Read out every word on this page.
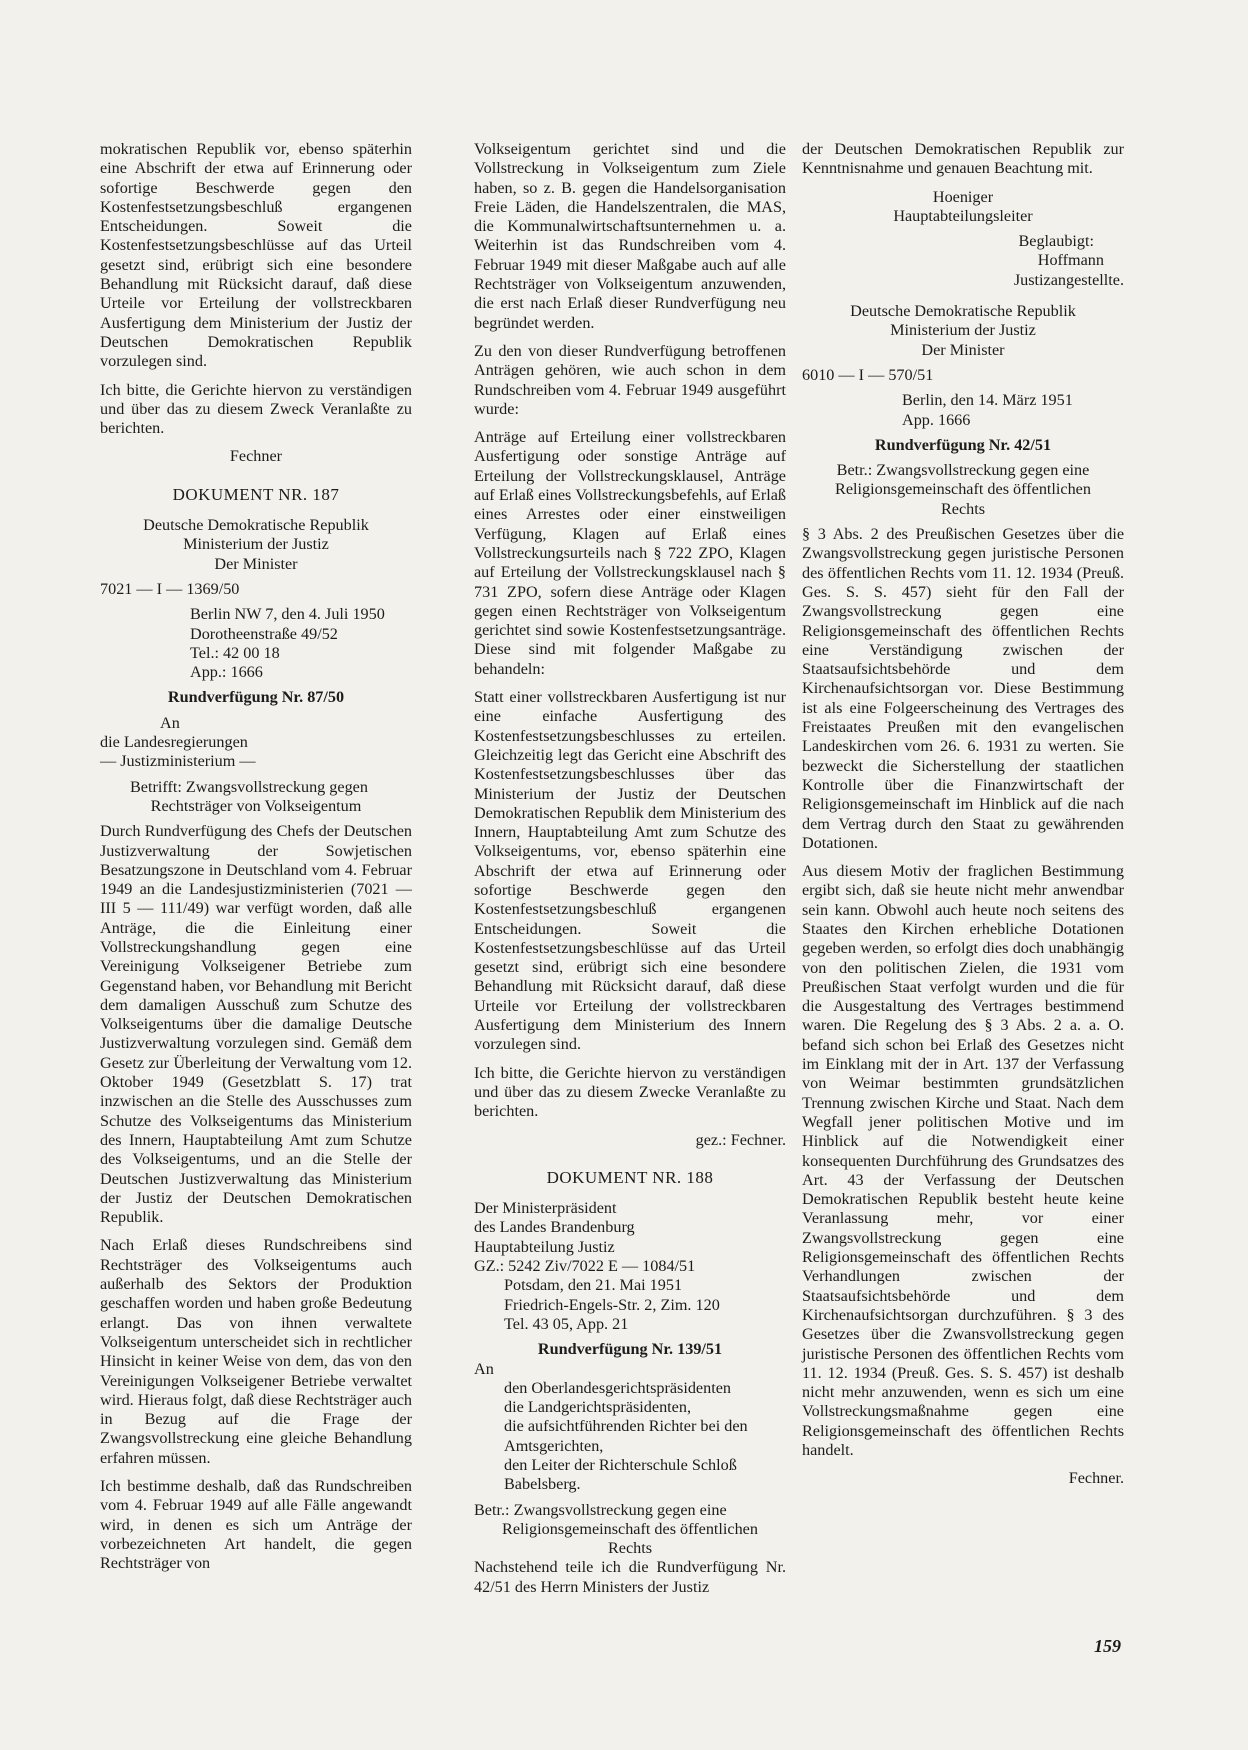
mokratischen Republik vor, ebenso späterhin eine Abschrift der etwa auf Erinnerung oder sofortige Beschwerde gegen den Kostenfestsetzungsbeschluß ergangenen Entscheidungen. Soweit die Kostenfestsetzungsbeschlüsse auf das Urteil gesetzt sind, erübrigt sich eine besondere Behandlung mit Rücksicht darauf, daß diese Urteile vor Erteilung der vollstreckbaren Ausfertigung dem Ministerium der Justiz der Deutschen Demokratischen Republik vorzulegen sind.

Ich bitte, die Gerichte hiervon zu verständigen und über das zu diesem Zweck Veranlaßte zu berichten.

Fechner
DOKUMENT NR. 187
Deutsche Demokratische Republik
Ministerium der Justiz
Der Minister
7021 — I — 1369/50
Berlin NW 7, den 4. Juli 1950
Dorotheenstraße 49/52
Tel.: 42 00 18
App.: 1666
Rundverfügung Nr. 87/50
An
die Landesregierungen
— Justizministerium —
Betrifft: Zwangsvollstreckung gegen
Rechtsträger von Volkseigentum

Durch Rundverfügung des Chefs der Deutschen Justizverwaltung der Sowjetischen Besatzungszone in Deutschland vom 4. Februar 1949 an die Landesjustizministerien (7021 — III 5 — 111/49) war verfügt worden, daß alle Anträge, die die Einleitung einer Vollstreckungshandlung gegen eine Vereinigung Volkseigener Betriebe zum Gegenstand haben, vor Behandlung mit Bericht dem damaligen Ausschuß zum Schutze des Volkseigentums über die damalige Deutsche Justizverwaltung vorzulegen sind. Gemäß dem Gesetz zur Überleitung der Verwaltung vom 12. Oktober 1949 (Gesetzblatt S. 17) trat inzwischen an die Stelle des Ausschusses zum Schutze des Volkseigentums das Ministerium des Innern, Hauptabteilung Amt zum Schutze des Volkseigentums, und an die Stelle der Deutschen Justizverwaltung das Ministerium der Justiz der Deutschen Demokratischen Republik.

Nach Erlaß dieses Rundschreibens sind Rechtsträger des Volkseigentums auch außerhalb des Sektors der Produktion geschaffen worden und haben große Bedeutung erlangt. Das von ihnen verwaltete Volkseigentum unterscheidet sich in rechtlicher Hinsicht in keiner Weise von dem, das von den Vereinigungen Volkseigener Betriebe verwaltet wird. Hieraus folgt, daß diese Rechtsträger auch in Bezug auf die Frage der Zwangsvollstreckung eine gleiche Behandlung erfahren müssen.

Ich bestimme deshalb, daß das Rundschreiben vom 4. Februar 1949 auf alle Fälle angewandt wird, in denen es sich um Anträge der vorbezeichneten Art handelt, die gegen Rechtsträger von

Volkseigentum gerichtet sind und die Vollstreckung in Volkseigentum zum Ziele haben, so z. B. gegen die Handelsorganisation Freie Läden, die Handelszentralen, die MAS, die Kommunalwirtschaftsunternehmen u. a. Weiterhin ist das Rundschreiben vom 4. Februar 1949 mit dieser Maßgabe auch auf alle Rechtsträger von Volkseigentum anzuwenden, die erst nach Erlaß dieser Rundverfügung neu begründet werden.

Zu den von dieser Rundverfügung betroffenen Anträgen gehören, wie auch schon in dem Rundschreiben vom 4. Februar 1949 ausgeführt wurde:

Anträge auf Erteilung einer vollstreckbaren Ausfertigung oder sonstige Anträge auf Erteilung der Vollstreckungsklausel, Anträge auf Erlaß eines Vollstreckungsbefehls, auf Erlaß eines Arrestes oder einer einstweiligen Verfügung, Klagen auf Erlaß eines Vollstreckungsurteils nach § 722 ZPO, Klagen auf Erteilung der Vollstreckungsklausel nach § 731 ZPO, sofern diese Anträge oder Klagen gegen einen Rechtsträger von Volkseigentum gerichtet sind sowie Kostenfestsetzungsanträge. Diese sind mit folgender Maßgabe zu behandeln:

Statt einer vollstreckbaren Ausfertigung ist nur eine einfache Ausfertigung des Kostenfestsetzungsbeschlusses zu erteilen. Gleichzeitig legt das Gericht eine Abschrift des Kostenfestsetzungsbeschlusses über das Ministerium der Justiz der Deutschen Demokratischen Republik dem Ministerium des Innern, Hauptabteilung Amt zum Schutze des Volkseigentums, vor, ebenso späterhin eine Abschrift der etwa auf Erinnerung oder sofortige Beschwerde gegen den Kostenfestsetzungsbeschluß ergangenen Entscheidungen. Soweit die Kostenfestsetzungsbeschlüsse auf das Urteil gesetzt sind, erübrigt sich eine besondere Behandlung mit Rücksicht darauf, daß diese Urteile vor Erteilung der vollstreckbaren Ausfertigung dem Ministerium des Innern vorzulegen sind.

Ich bitte, die Gerichte hiervon zu verständigen und über das zu diesem Zwecke Veranlaßte zu berichten.

gez.: Fechner.
DOKUMENT NR. 188
Der Ministerpräsident
des Landes Brandenburg
Hauptabteilung Justiz
GZ.: 5242 Ziv/7022 E — 1084/51
Potsdam, den 21. Mai 1951
Friedrich-Engels-Str. 2, Zim. 120
Tel. 43 05, App. 21
Rundverfügung Nr. 139/51
An
den Oberlandesgerichtspräsidenten
die Landgerichtspräsidenten,
die aufsichtführenden Richter bei den Amtsgerichten,
den Leiter der Richterschule Schloß Babelsberg.
Betr.: Zwangsvollstreckung gegen eine
Religionsgemeinschaft des öffentlichen
Rechts

Nachstehend teile ich die Rundverfügung Nr. 42/51 des Herrn Ministers der Justiz

der Deutschen Demokratischen Republik zur Kenntnisnahme und genauen Beachtung mit.

Hoeniger
Hauptabteilungsleiter
Beglaubigt:
Hoffmann
Justizangestellte.
Deutsche Demokratische Republik
Ministerium der Justiz
Der Minister
6010 — I — 570/51
Berlin, den 14. März 1951
App. 1666
Rundverfügung Nr. 42/51
Betr.: Zwangsvollstreckung gegen eine
Religionsgemeinschaft des öffentlichen
Rechts

§ 3 Abs. 2 des Preußischen Gesetzes über die Zwangsvollstreckung gegen juristische Personen des öffentlichen Rechts vom 11. 12. 1934 (Preuß. Ges. S. S. 457) sieht für den Fall der Zwangsvollstreckung gegen eine Religionsgemeinschaft des öffentlichen Rechts eine Verständigung zwischen der Staatsaufsichtsbehörde und dem Kirchenaufsichtsorgan vor. Diese Bestimmung ist als eine Folgeerscheinung des Vertrages des Freistaates Preußen mit den evangelischen Landeskirchen vom 26. 6. 1931 zu werten. Sie bezweckt die Sicherstellung der staatlichen Kontrolle über die Finanzwirtschaft der Religionsgemeinschaft im Hinblick auf die nach dem Vertrag durch den Staat zu gewährenden Dotationen.

Aus diesem Motiv der fraglichen Bestimmung ergibt sich, daß sie heute nicht mehr anwendbar sein kann. Obwohl auch heute noch seitens des Staates den Kirchen erhebliche Dotationen gegeben werden, so erfolgt dies doch unabhängig von den politischen Zielen, die 1931 vom Preußischen Staat verfolgt wurden und die für die Ausgestaltung des Vertrages bestimmend waren. Die Regelung des § 3 Abs. 2 a. a. O. befand sich schon bei Erlaß des Gesetzes nicht im Einklang mit der in Art. 137 der Verfassung von Weimar bestimmten grundsätzlichen Trennung zwischen Kirche und Staat. Nach dem Wegfall jener politischen Motive und im Hinblick auf die Notwendigkeit einer konsequenten Durchführung des Grundsatzes des Art. 43 der Verfassung der Deutschen Demokratischen Republik besteht heute keine Veranlassung mehr, vor einer Zwangsvollstreckung gegen eine Religionsgemeinschaft des öffentlichen Rechts Verhandlungen zwischen der Staatsaufsichtsbehörde und dem Kirchenaufsichtsorgan durchzuführen. § 3 des Gesetzes über die Zwansvollstreckung gegen juristische Personen des öffentlichen Rechts vom 11. 12. 1934 (Preuß. Ges. S. S. 457) ist deshalb nicht mehr anzuwenden, wenn es sich um eine Vollstreckungsmaßnahme gegen eine Religionsgemeinschaft des öffentlichen Rechts handelt.

Fechner.
159
